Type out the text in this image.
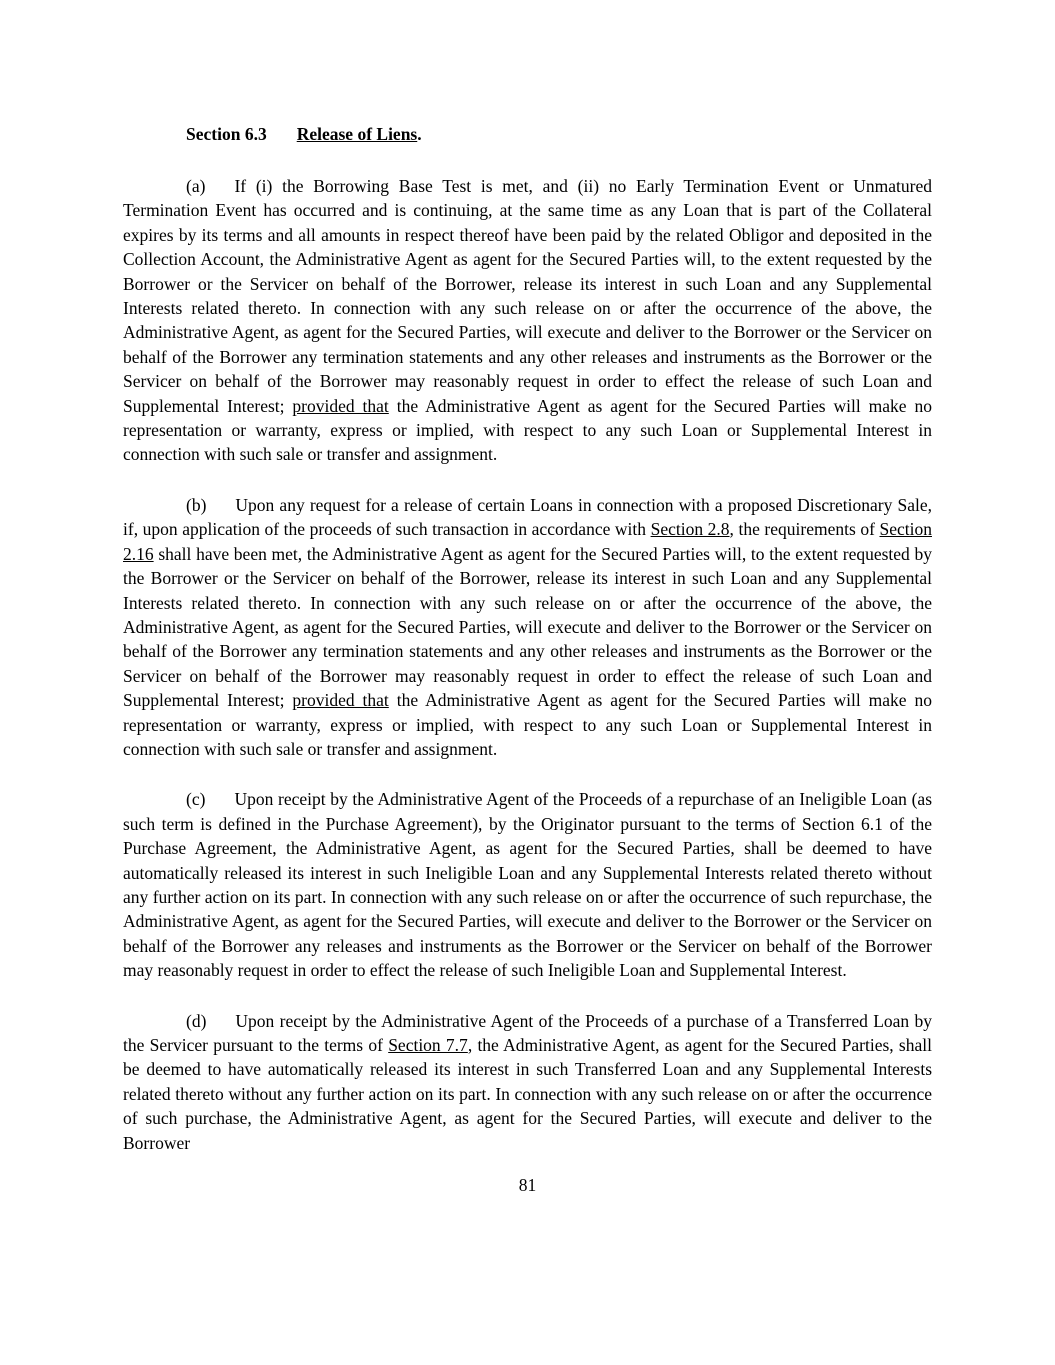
Section 6.3 Release of Liens.

(a) If (i) the Borrowing Base Test is met, and (ii) no Early Termination Event or Unmatured Termination Event has occurred and is continuing, at the same time as any Loan that is part of the Collateral expires by its terms and all amounts in respect thereof have been paid by the related Obligor and deposited in the Collection Account, the Administrative Agent as agent for the Secured Parties will, to the extent requested by the Borrower or the Servicer on behalf of the Borrower, release its interest in such Loan and any Supplemental Interests related thereto. In connection with any such release on or after the occurrence of the above, the Administrative Agent, as agent for the Secured Parties, will execute and deliver to the Borrower or the Servicer on behalf of the Borrower any termination statements and any other releases and instruments as the Borrower or the Servicer on behalf of the Borrower may reasonably request in order to effect the release of such Loan and Supplemental Interest; provided that the Administrative Agent as agent for the Secured Parties will make no representation or warranty, express or implied, with respect to any such Loan or Supplemental Interest in connection with such sale or transfer and assignment.

(b) Upon any request for a release of certain Loans in connection with a proposed Discretionary Sale, if, upon application of the proceeds of such transaction in accordance with Section 2.8, the requirements of Section 2.16 shall have been met, the Administrative Agent as agent for the Secured Parties will, to the extent requested by the Borrower or the Servicer on behalf of the Borrower, release its interest in such Loan and any Supplemental Interests related thereto. In connection with any such release on or after the occurrence of the above, the Administrative Agent, as agent for the Secured Parties, will execute and deliver to the Borrower or the Servicer on behalf of the Borrower any termination statements and any other releases and instruments as the Borrower or the Servicer on behalf of the Borrower may reasonably request in order to effect the release of such Loan and Supplemental Interest; provided that the Administrative Agent as agent for the Secured Parties will make no representation or warranty, express or implied, with respect to any such Loan or Supplemental Interest in connection with such sale or transfer and assignment.

(c) Upon receipt by the Administrative Agent of the Proceeds of a repurchase of an Ineligible Loan (as such term is defined in the Purchase Agreement), by the Originator pursuant to the terms of Section 6.1 of the Purchase Agreement, the Administrative Agent, as agent for the Secured Parties, shall be deemed to have automatically released its interest in such Ineligible Loan and any Supplemental Interests related thereto without any further action on its part. In connection with any such release on or after the occurrence of such repurchase, the Administrative Agent, as agent for the Secured Parties, will execute and deliver to the Borrower or the Servicer on behalf of the Borrower any releases and instruments as the Borrower or the Servicer on behalf of the Borrower may reasonably request in order to effect the release of such Ineligible Loan and Supplemental Interest.

(d) Upon receipt by the Administrative Agent of the Proceeds of a purchase of a Transferred Loan by the Servicer pursuant to the terms of Section 7.7, the Administrative Agent, as agent for the Secured Parties, shall be deemed to have automatically released its interest in such Transferred Loan and any Supplemental Interests related thereto without any further action on its part. In connection with any such release on or after the occurrence of such purchase, the Administrative Agent, as agent for the Secured Parties, will execute and deliver to the Borrower

81
